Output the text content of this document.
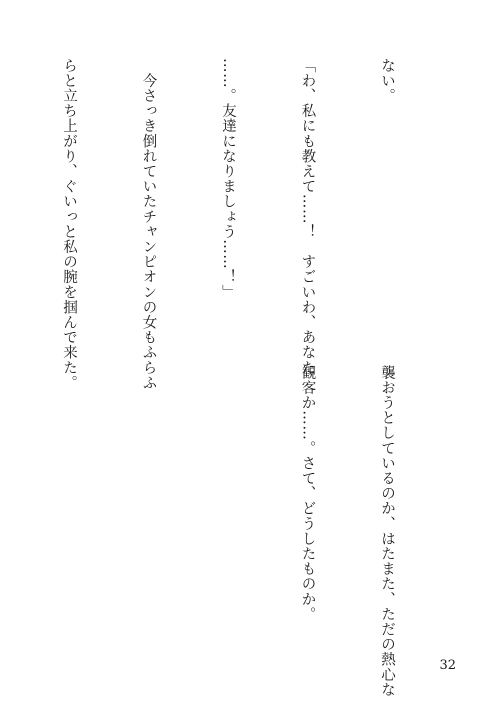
ない。

「わ、私にも教えて……！　すごいわ、あなた

……。友達になりましょう……！」

　今さっき倒れていたチャンピオンの女もふらふ

らと立ち上がり、ぐいっと私の腕を掴んで来た。

襲おうとしているのか、はたまた、ただの熱心な

観客か……。さて、どうしたものか。

32
